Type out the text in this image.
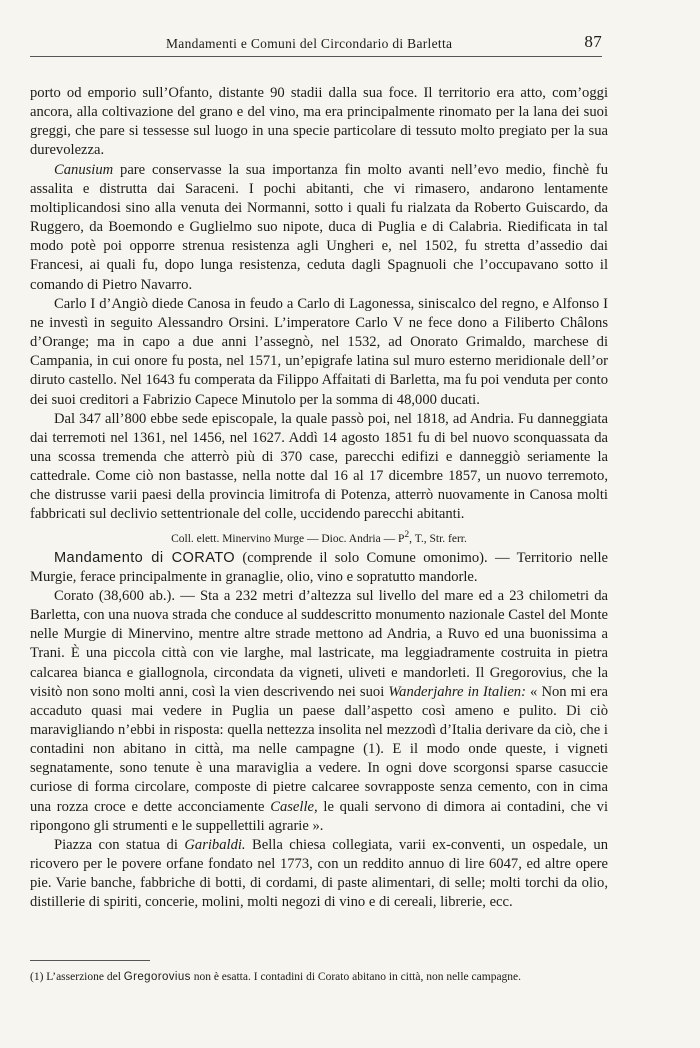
Mandamenti e Comuni del Circondario di Barletta	87

porto od emporio sull’Ofanto, distante 90 stadii dalla sua foce. Il territorio era atto, com’oggi ancora, alla coltivazione del grano e del vino, ma era principalmente rinomato per la lana dei suoi greggi, che pare si tessesse sul luogo in una specie particolare di tessuto molto pregiato per la sua durevolezza.

Canusium pare conservasse la sua importanza fin molto avanti nell’evo medio, finchè fu assalita e distrutta dai Saraceni. I pochi abitanti, che vi rimasero, andarono lentamente moltiplicandosi sino alla venuta dei Normanni, sotto i quali fu rialzata da Roberto Guiscardo, da Ruggero, da Boemondo e Guglielmo suo nipote, duca di Puglia e di Calabria. Riedificata in tal modo potè poi opporre strenua resistenza agli Ungheri e, nel 1502, fu stretta d’assedio dai Francesi, ai quali fu, dopo lunga resistenza, ceduta dagli Spagnuoli che l’occupavano sotto il comando di Pietro Navarro.

Carlo I d’Angiò diede Canosa in feudo a Carlo di Lagonessa, siniscalco del regno, e Alfonso I ne investì in seguito Alessandro Orsini. L’imperatore Carlo V ne fece dono a Filiberto Châlons d’Orange; ma in capo a due anni l’assegnò, nel 1532, ad Onorato Grimaldo, marchese di Campania, in cui onore fu posta, nel 1571, un’epigrafe latina sul muro esterno meridionale dell’or diruto castello. Nel 1643 fu comperata da Filippo Affaitati di Barletta, ma fu poi venduta per conto dei suoi creditori a Fabrizio Capece Minutolo per la somma di 48,000 ducati.

Dal 347 all’800 ebbe sede episcopale, la quale passò poi, nel 1818, ad Andria. Fu danneggiata dai terremoti nel 1361, nel 1456, nel 1627. Addì 14 agosto 1851 fu di bel nuovo sconquassata da una scossa tremenda che atterrò più di 370 case, parecchi edifizi e danneggiò seriamente la cattedrale. Come ciò non bastasse, nella notte dal 16 al 17 dicembre 1857, un nuovo terremoto, che distrusse varii paesi della provincia limitrofa di Potenza, atterrò nuovamente in Canosa molti fabbricati sul declivio settentrionale del colle, uccidendo parecchi abitanti.

Coll. elett. Minervino Murge — Dioc. Andria — $P^2$, T., Str. ferr.

Mandamento di CORATO (comprende il solo Comune omonimo). — Territorio nelle Murgie, ferace principalmente in granaglie, olio, vino e sopratutto mandorle.

Corato (38,600 ab.). — Sta a 232 metri d’altezza sul livello del mare ed a 23 chilometri da Barletta, con una nuova strada che conduce al suddescritto monumento nazionale Castel del Monte nelle Murgie di Minervino, mentre altre strade mettono ad Andria, a Ruvo ed una buonissima a Trani. È una piccola città con vie larghe, mal lastricate, ma leggiadramente costruita in pietra calcarea bianca e giallognola, circondata da vigneti, uliveti e mandorleti. Il Gregorovius, che la visitò non sono molti anni, così la vien descrivendo nei suoi Wanderjahre in Italien: « Non mi era accaduto quasi mai vedere in Puglia un paese dall’aspetto così ameno e pulito. Di ciò maravigliando n’ebbi in risposta: quella nettezza insolita nel mezzodì d’Italia derivare da ciò, che i contadini non abitano in città, ma nelle campagne (1). E il modo onde queste, i vigneti segnatamente, sono tenute è una maraviglia a vedere. In ogni dove scorgonsi sparse casuccie curiose di forma circolare, composte di pietre calcaree sovrapposte senza cemento, con in cima una rozza croce e dette acconciamente Caselle, le quali servono di dimora ai contadini, che vi ripongono gli strumenti e le suppellettili agrarie ».

Piazza con statua di Garibaldi. Bella chiesa collegiata, varii ex-conventi, un ospedale, un ricovero per le povere orfane fondato nel 1773, con un reddito annuo di lire 6047, ed altre opere pie. Varie banche, fabbriche di botti, di cordami, di paste alimentari, di selle; molti torchi da olio, distillerie di spiriti, concerie, molini, molti negozi di vino e di cereali, librerie, ecc.

(1) L’asserzione del Gregorovius non è esatta. I contadini di Corato abitano in città, non nelle campagne.
